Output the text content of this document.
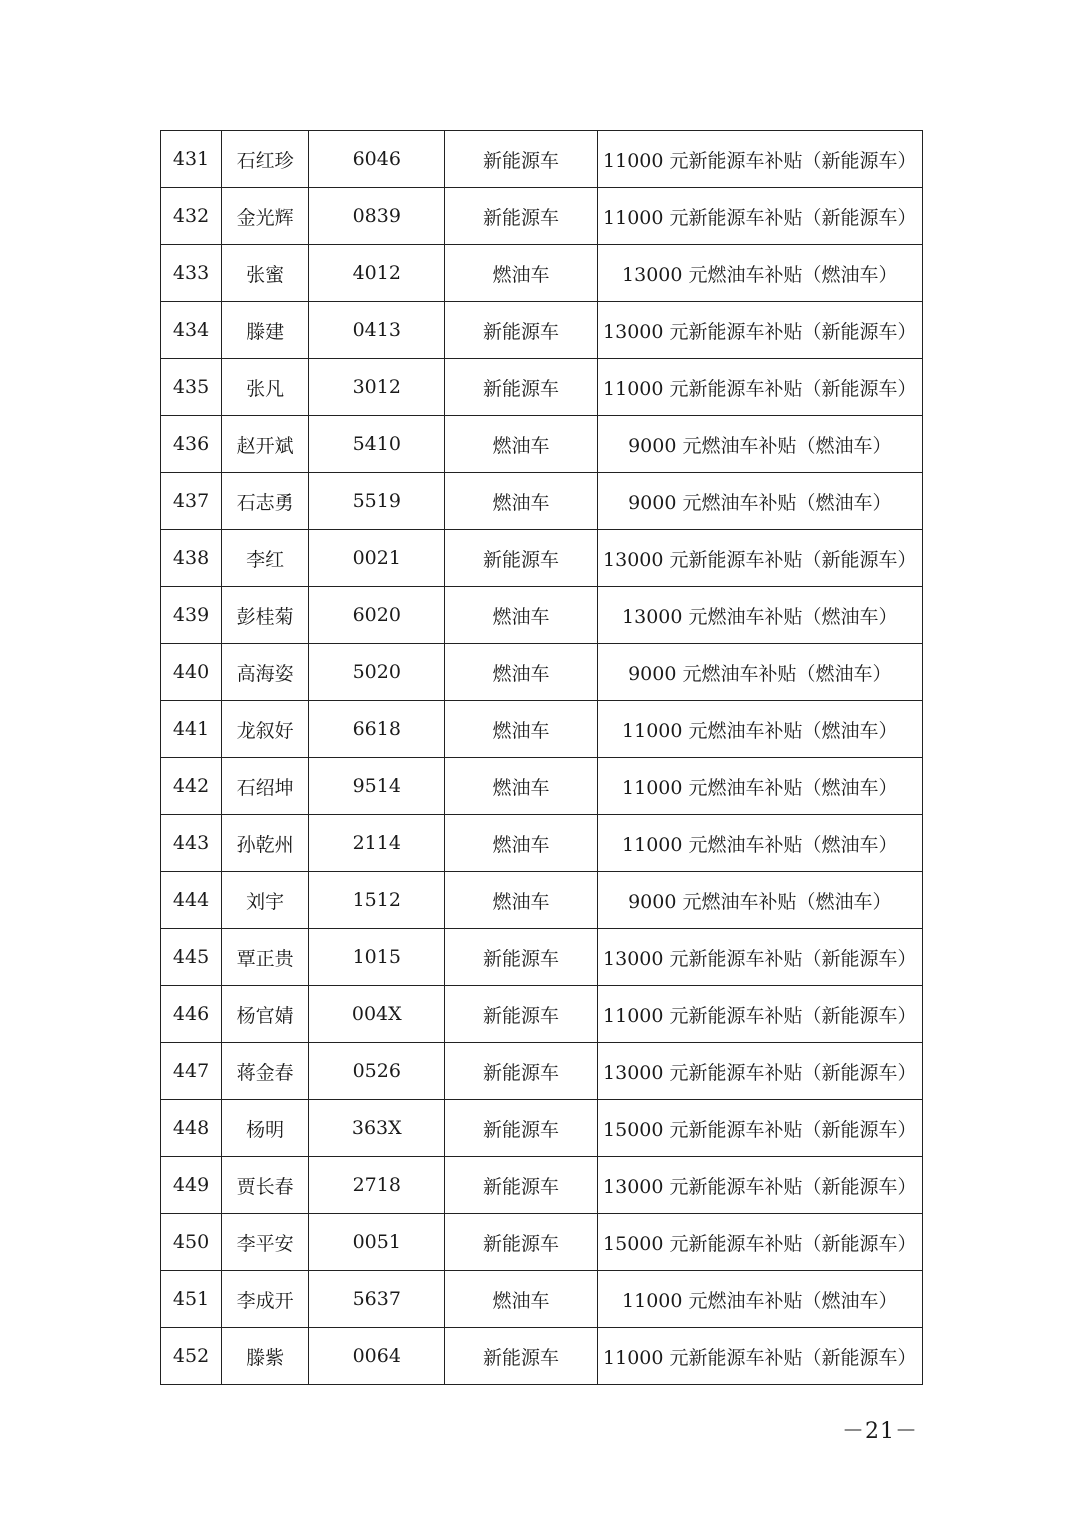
431	石红珍	6046	新能源车	11000 元新能源车补贴（新能源车）
432	金光辉	0839	新能源车	11000 元新能源车补贴（新能源车）
433	张蜜	4012	燃油车	13000 元燃油车补贴（燃油车）
434	滕建	0413	新能源车	13000 元新能源车补贴（新能源车）
435	张凡	3012	新能源车	11000 元新能源车补贴（新能源车）
436	赵开斌	5410	燃油车	9000 元燃油车补贴（燃油车）
437	石志勇	5519	燃油车	9000 元燃油车补贴（燃油车）
438	李红	0021	新能源车	13000 元新能源车补贴（新能源车）
439	彭桂菊	6020	燃油车	13000 元燃油车补贴（燃油车）
440	高海姿	5020	燃油车	9000 元燃油车补贴（燃油车）
441	龙叙好	6618	燃油车	11000 元燃油车补贴（燃油车）
442	石绍坤	9514	燃油车	11000 元燃油车补贴（燃油车）
443	孙乾州	2114	燃油车	11000 元燃油车补贴（燃油车）
444	刘宇	1512	燃油车	9000 元燃油车补贴（燃油车）
445	覃正贵	1015	新能源车	13000 元新能源车补贴（新能源车）
446	杨官婧	004X	新能源车	11000 元新能源车补贴（新能源车）
447	蒋金春	0526	新能源车	13000 元新能源车补贴（新能源车）
448	杨明	363X	新能源车	15000 元新能源车补贴（新能源车）
449	贾长春	2718	新能源车	13000 元新能源车补贴（新能源车）
450	李平安	0051	新能源车	15000 元新能源车补贴（新能源车）
451	李成开	5637	燃油车	11000 元燃油车补贴（燃油车）
452	滕紫	0064	新能源车	11000 元新能源车补贴（新能源车）
－21－
